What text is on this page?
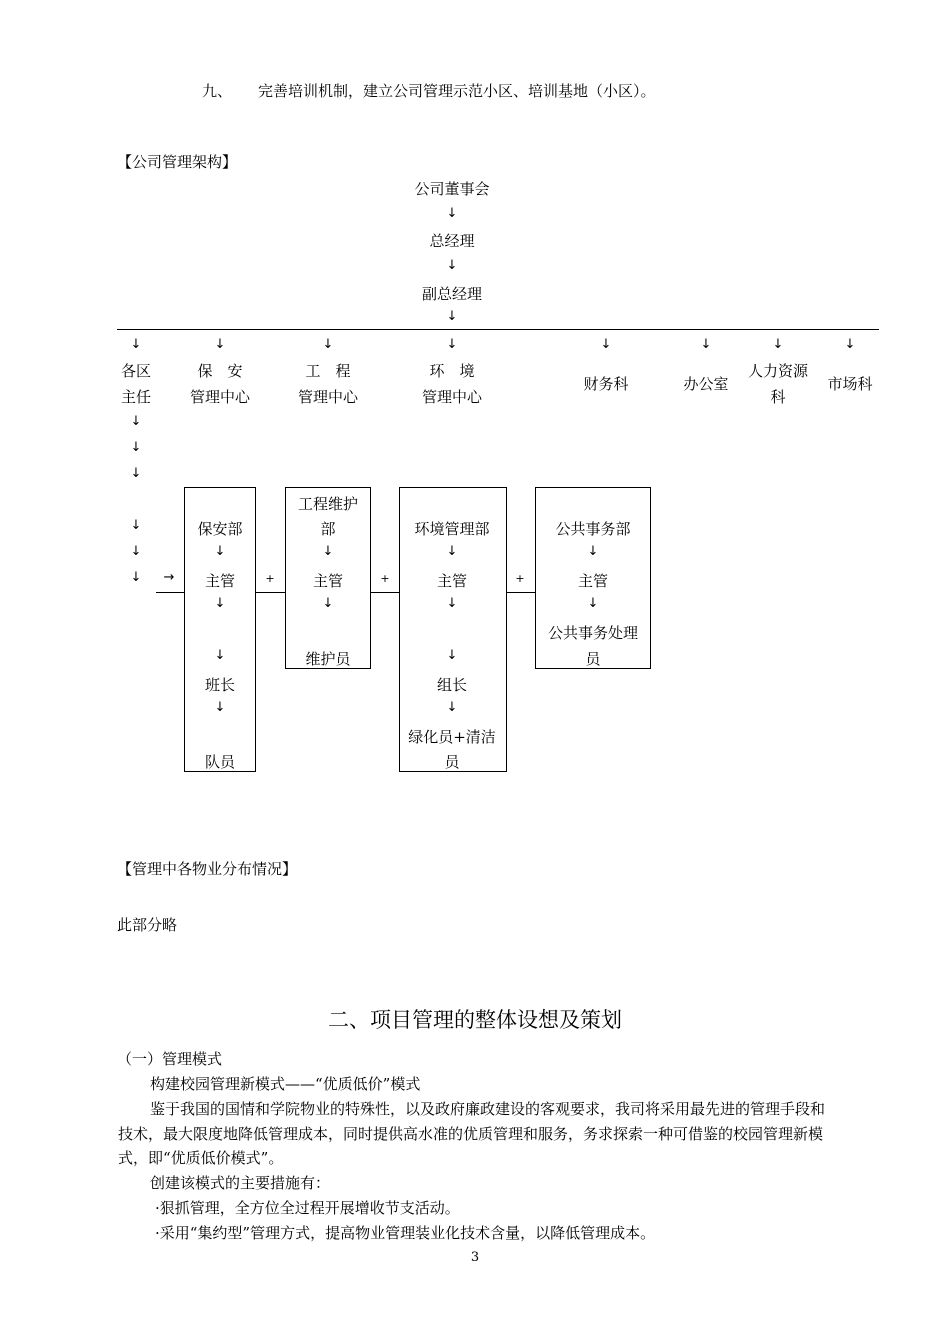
九、 完善培训机制，建立公司管理示范小区、培训基地（小区）。
【公司管理架构】
公司董事会
↓
总经理
↓
副总经理
↓
↓	↓	↓	↓	↓	↓	↓	↓
各区
主任
保　安
管理中心
工　程
管理中心
环　境
管理中心
财务科	办公室
人力资源
科
市场科
↓
↓
↓
↓
↓
↓ →
保安部
↓
主管
↓
↓
班长
↓
队员
+
工程维护
部
↓
主管
↓
维护员
+
环境管理部
↓
主管
↓
↓
组长
↓
绿化员+清洁
员
+
公共事务部
↓
主管
↓
公共事务处理
员
【管理中各物业分布情况】
此部分略
二、项目管理的整体设想及策划
（一）管理模式
构建校园管理新模式——“优质低价”模式
鉴于我国的国情和学院物业的特殊性，以及政府廉政建设的客观要求，我司将采用最先进的管理手段和技术，最大限度地降低管理成本，同时提供高水准的优质管理和服务，务求探索一种可借鉴的校园管理新模式，即“优质低价模式”。
创建该模式的主要措施有：
·狠抓管理，全方位全过程开展增收节支活动。
·采用“集约型”管理方式，提高物业管理装业化技术含量，以降低管理成本。
3
